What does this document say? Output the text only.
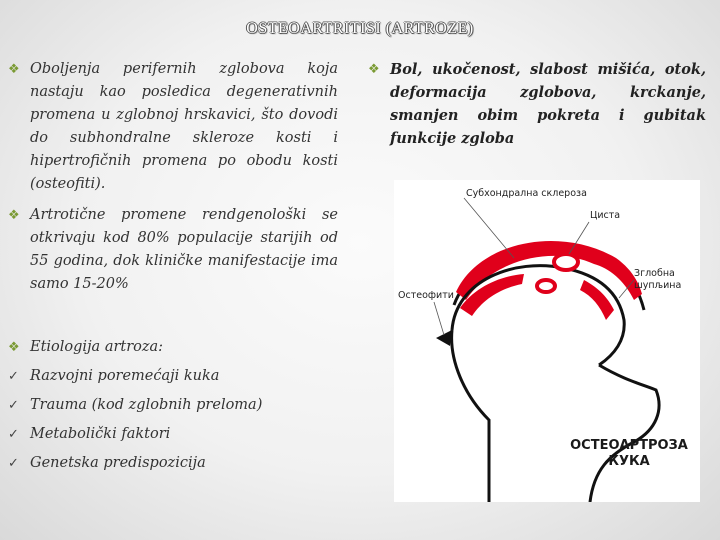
OSTEOARTRITISI (ARTROZE)
❖ Oboljenja perifernih zglobova koja nastaju kao posledica degenerativnih promena u zglobnoj hrskavici, što dovodi do subhondralne skleroze kosti i hipertrofičnih promena po obodu kosti (osteofiti).
❖ Artrotične promene rendgenološki se otkrivaju kod 80% populacije starijih od 55 godina, dok kliničke manifestacije ima samo 15-20%
❖ Etiologija artroza:
✓ Razvojni poremećaji kuka
✓ Trauma (kod zglobnih preloma)
✓ Metabolički faktori
✓ Genetska predispozicija
❖ Bol, ukočenost, slabost mišića, otok, deformacija zglobova, krckanje, smanjen obim pokreta i gubitak funkcije zgloba
Субхондрална склероза
Циста
Зглобна
шупљина
Остеофити
ОСТЕОАРТРОЗА
КУКА
